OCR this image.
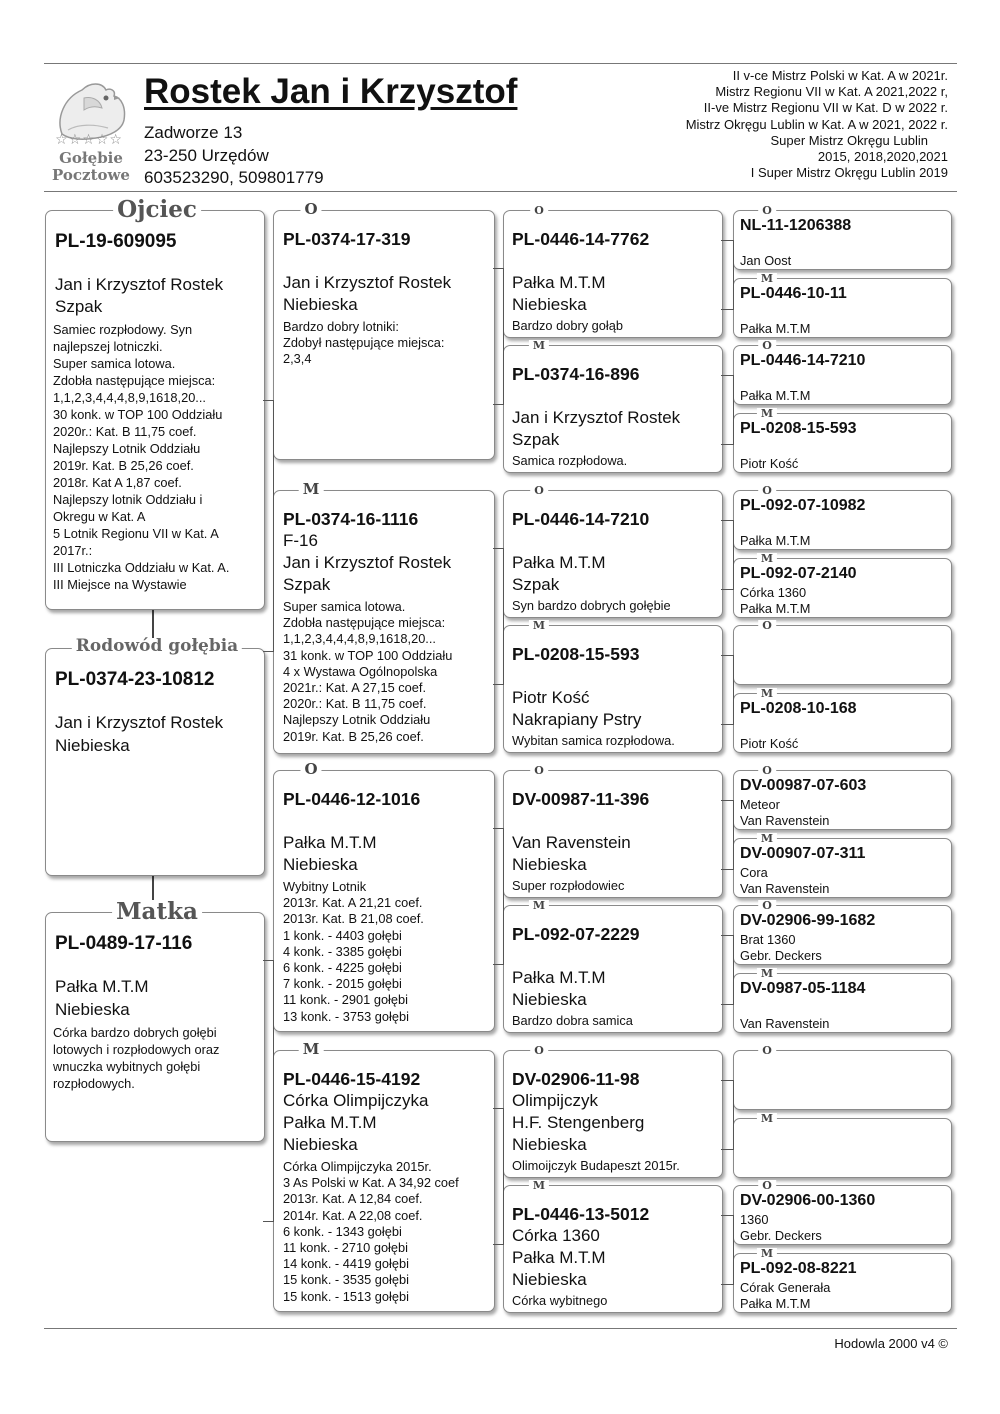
☆☆☆☆☆
Gołębie
Pocztowe
Rostek Jan i Krzysztof
Zadworze 13
23-250 Urzędów
603523290, 509801779
II v-ce Mistrz Polski w Kat. A w 2021r.
Mistrz Regionu VII w Kat. A 2021,2022 r,
II-ve Mistrz Regionu VII w Kat. D w 2022 r.
Mistrz Okręgu Lublin w Kat. A w 2021, 2022 r.
Super Mistrz Okręgu Lublin
2015, 2018,2020,2021
I Super Mistrz Okręgu Lublin 2019
PL-19-609095
Jan i Krzysztof Rostek
Szpak
Samiec rozpłodowy. Syn
najlepszej lotniczki.
Super samica lotowa.
Zdobła następujące miejsca:
1,1,2,3,4,4,4,8,9,1618,20...
30 konk. w TOP 100 Oddziału
2020r.: Kat. B 11,75 coef.
Najlepszy Lotnik Oddziału
2019r. Kat. B 25,26 coef.
2018r. Kat A 1,87 coef.
Najlepszy lotnik Oddziału i
Okregu w Kat. A
5 Lotnik Regionu VII w Kat. A
2017r.:
III Lotniczka Oddziału w Kat. A.
III Miejsce na Wystawie
Ojciec
PL-0374-23-10812
Jan i Krzysztof Rostek
Niebieska
Rodowód gołębia
PL-0489-17-116
Pałka M.T.M
Niebieska
Córka bardzo dobrych gołębi
lotowych i rozpłodowych oraz
wnuczka wybitnych gołębi
rozpłodowych.
Matka
PL-0374-17-319
Jan i Krzysztof Rostek
Niebieska
Bardzo dobry lotniki:
Zdobył następujące miejsca:
2,3,4
O
PL-0374-16-1116
F-16
Jan i Krzysztof Rostek
Szpak
Super samica lotowa.
Zdobła następujące miejsca:
1,1,2,3,4,4,4,8,9,1618,20...
31 konk. w TOP 100 Oddziału
4 x Wystawa Ogólnopolska
2021r.: Kat. A 27,15 coef.
2020r.: Kat. B 11,75 coef.
Najlepszy Lotnik Oddziału
2019r. Kat. B 25,26 coef.
M
PL-0446-12-1016
Pałka M.T.M
Niebieska
Wybitny Lotnik
2013r. Kat. A 21,21 coef.
2013r. Kat. B 21,08 coef.
1 konk. - 4403 gołębi
4 konk. - 3385 gołębi
6 konk. - 4225 gołębi
7 konk. - 2015 gołębi
11 konk. - 2901 gołębi
13 konk. - 3753 gołębi
O
PL-0446-15-4192
Córka Olimpijczyka
Pałka M.T.M
Niebieska
Córka Olimpijczyka 2015r.
3 As Polski w Kat. A 34,92 coef
2013r. Kat. A 12,84 coef.
2014r. Kat. A 22,08 coef.
6 konk. - 1343 gołębi
11 konk. - 2710 gołębi
14 konk. - 4419 gołębi
15 konk. - 3535 gołębi
15 konk. - 1513 gołębi
M
PL-0446-14-7762
Pałka M.T.M
Niebieska
Bardzo dobry gołąb
O
PL-0374-16-896
Jan i Krzysztof Rostek
Szpak
Samica rozpłodowa.
M
PL-0446-14-7210
Pałka M.T.M
Szpak
Syn bardzo dobrych gołębie
O
PL-0208-15-593
Piotr Kość
Nakrapiany Pstry
Wybitan samica rozpłodowa.
M
DV-00987-11-396
Van Ravenstein
Niebieska
Super rozpłodowiec
O
PL-092-07-2229
Pałka M.T.M
Niebieska
Bardzo dobra samica
M
DV-02906-11-98
Olimpijczyk
H.F. Stengenberg
Niebieska
Olimoijczyk Budapeszt 2015r.
O
PL-0446-13-5012
Córka 1360
Pałka M.T.M
Niebieska
Córka wybitnego
M
NL-11-1206388
Jan Oost
O
PL-0446-10-11
Pałka M.T.M
M
PL-0446-14-7210
Pałka M.T.M
O
PL-0208-15-593
Piotr Kość
M
PL-092-07-10982
Pałka M.T.M
O
PL-092-07-2140
Córka 1360
Pałka M.T.M
M
O
PL-0208-10-168
Piotr Kość
M
DV-00987-07-603
Meteor
Van Ravenstein
O
DV-00907-07-311
Cora
Van Ravenstein
M
DV-02906-99-1682
Brat 1360
Gebr. Deckers
O
DV-0987-05-1184
Van Ravenstein
M
O
M
DV-02906-00-1360
1360
Gebr. Deckers
O
PL-092-08-8221
Córak Generała
Pałka M.T.M
M
Hodowla 2000 v4 ©
